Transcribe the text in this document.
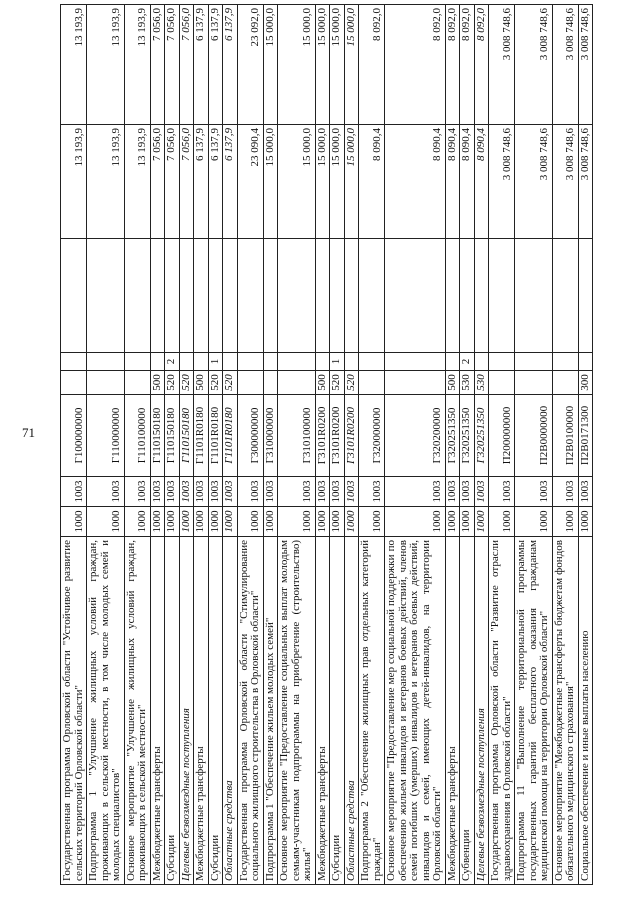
71
Государственная программа Орловской области "Устойчивое развитие сельских территорий Орловской области"	1000	1003	Г100000000				13 193,9	13 193,9
Подпрограмма 1 "Улучшение жилищных условий граждан, проживающих в сельской местности, в том числе молодых семей и молодых специалистов"	1000	1003	Г110000000				13 193,9	13 193,9
Основное мероприятие "Улучшение жилищных условий граждан, проживающих в сельской местности"	1000	1003	Г110100000				13 193,9	13 193,9
Межбюджетные трансферты	1000	1003	Г110150180	500			7 056,0	7 056,0
Субсидии	1000	1003	Г110150180	520	2		7 056,0	7 056,0
Целевые безвозмездные поступления	1000	1003	Г110150180	520			7 056,0	7 056,0
Межбюджетные трансферты	1000	1003	Г1101R0180	500			6 137,9	6 137,9
Субсидии	1000	1003	Г1101R0180	520	1		6 137,9	6 137,9
Областные средства	1000	1003	Г1101R0180	520			6 137,9	6 137,9
Государственная программа Орловской области "Стимулирование социального жилищного строительства в Орловской области"	1000	1003	Г300000000				23 090,4	23 092,0
Подпрограмма 1 "Обеспечение жильем молодых семей"	1000	1003	Г310000000				15 000,0	15 000,0
Основное мероприятие "Предоставление социальных выплат молодым семьям-участникам подпрограммы на приобретение (строительство) жилья"	1000	1003	Г310100000				15 000,0	15 000,0
Межбюджетные трансферты	1000	1003	Г3101R0200	500			15 000,0	15 000,0
Субсидии	1000	1003	Г3101R0200	520	1		15 000,0	15 000,0
Областные средства	1000	1003	Г3101R0200	520			15 000,0	15 000,0
Подпрограмма 2 "Обеспечение жилищных прав отдельных категорий граждан"	1000	1003	Г320000000				8 090,4	8 092,0
Основное мероприятие "Предоставление мер социальной поддержки по обеспечению жильем инвалидов и ветеранов боевых действий, членов семей погибших (умерших) инвалидов и ветеранов боевых действий, инвалидов и семей, имеющих детей-инвалидов, на территории Орловской области"	1000	1003	Г320200000				8 090,4	8 092,0
Межбюджетные трансферты	1000	1003	Г320251350	500			8 090,4	8 092,0
Субвенции	1000	1003	Г320251350	530	2		8 090,4	8 092,0
Целевые безвозмездные поступления	1000	1003	Г320251350	530			8 090,4	8 092,0
Государственная программа Орловской области "Развитие отрасли здравоохранения в Орловской области"	1000	1003	П200000000				3 008 748,6	3 008 748,6
Подпрограмма 11 "Выполнение территориальной программы государственных гарантий бесплатного оказания гражданам медицинской помощи на территории Орловской области"	1000	1003	П2В0000000				3 008 748,6	3 008 748,6
Основное мероприятие "Межбюджетные трансферты бюджетам фондов обязательного медицинского страхования"	1000	1003	П2В0100000				3 008 748,6	3 008 748,6
Социальное обеспечение и иные выплаты населению	1000	1003	П2В0171300	300			3 008 748,6	3 008 748,6
